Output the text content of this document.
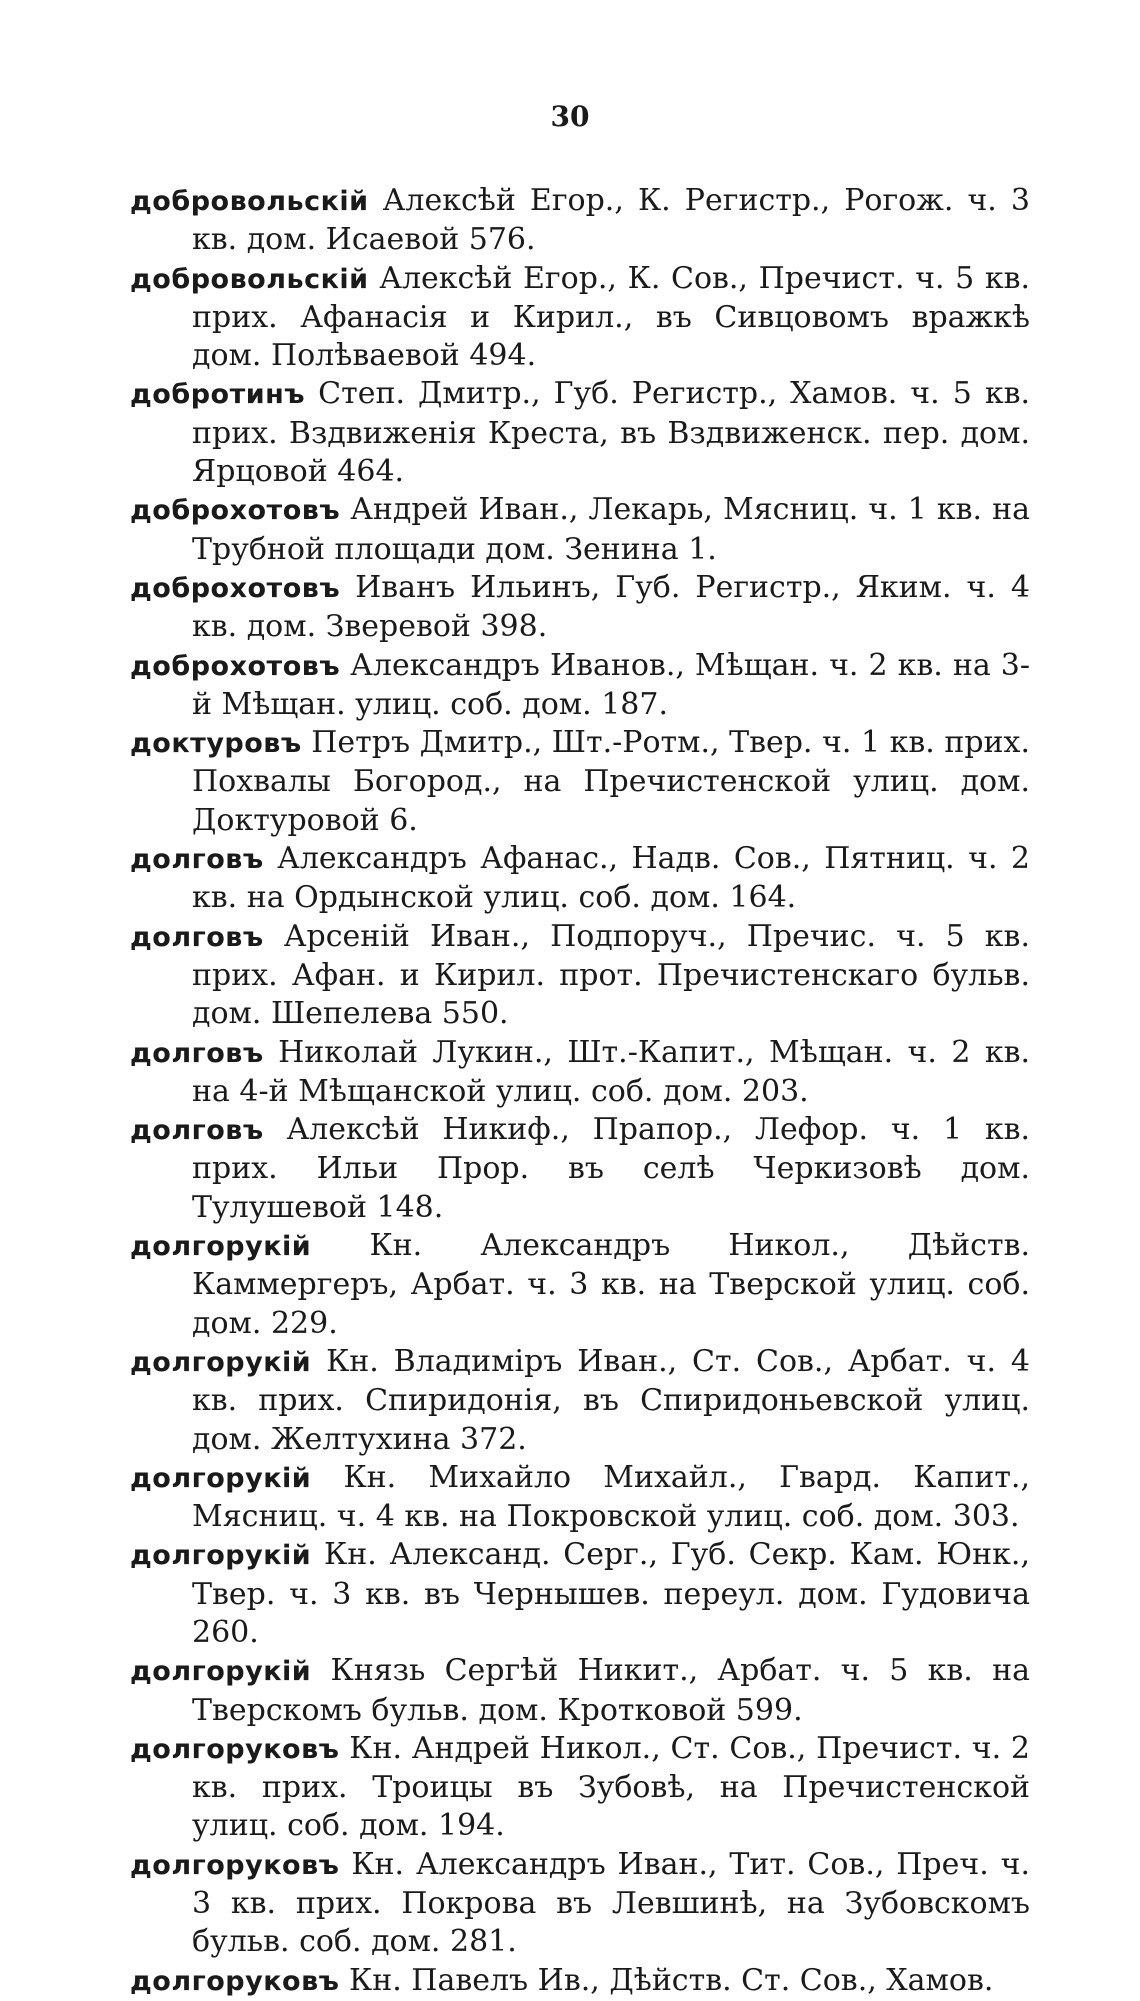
30

добровольскій Алексѣй Егор., К. Регистр., Рогож. ч. 3 кв. дом. Исаевой 576.

добровольскій Алексѣй Егор., К. Сов., Пречист. ч. 5 кв. прих. Афанасія и Кирил., въ Сивцовомъ вражкѣ дом. Полѣваевой 494.

добротинъ Степ. Дмитр., Губ. Регистр., Хамов. ч. 5 кв. прих. Вздвиженія Креста, въ Вздвиженск. пер. дом. Ярцовой 464.

доброхотовъ Андрей Иван., Лекарь, Мясниц. ч. 1 кв. на Трубной площади дом. Зенина 1.

доброхотовъ Иванъ Ильинъ, Губ. Регистр., Яким. ч. 4 кв. дом. Зверевой 398.

доброхотовъ Александръ Иванов., Мѣщан. ч. 2 кв. на 3-й Мѣщан. улиц. соб. дом. 187.

доктуровъ Петръ Дмитр., Шт.-Ротм., Твер. ч. 1 кв. прих. Похвалы Богород., на Пречистенской улиц. дом. Доктуровой 6.

долговъ Александръ Афанас., Надв. Сов., Пятниц. ч. 2 кв. на Ордынской улиц. соб. дом. 164.

долговъ Арсеній Иван., Подпоруч., Пречис. ч. 5 кв. прих. Афан. и Кирил. прот. Пречистенскаго бульв. дом. Шепелева 550.

долговъ Николай Лукин., Шт.-Капит., Мѣщан. ч. 2 кв. на 4-й Мѣщанской улиц. соб. дом. 203.

долговъ Алексѣй Никиф., Прапор., Лефор. ч. 1 кв. прих. Ильи Прор. въ селѣ Черкизовѣ дом. Тулушевой 148.

долгорукій Кн. Александръ Никол., Дѣйств. Каммергеръ, Арбат. ч. 3 кв. на Тверской улиц. соб. дом. 229.

долгорукій Кн. Владиміръ Иван., Ст. Сов., Арбат. ч. 4 кв. прих. Спиридонія, въ Спиридоньевской улиц. дом. Желтухина 372.

долгорукій Кн. Михайло Михайл., Гвард. Капит., Мясниц. ч. 4 кв. на Покровской улиц. соб. дом. 303.

долгорукій Кн. Александ. Серг., Губ. Секр. Кам. Юнк., Твер. ч. 3 кв. въ Чернышев. переул. дом. Гудовича 260.

долгорукій Князь Сергѣй Никит., Арбат. ч. 5 кв. на Тверскомъ бульв. дом. Кротковой 599.

долгоруковъ Кн. Андрей Никол., Ст. Сов., Пречист. ч. 2 кв. прих. Троицы въ Зубовѣ, на Пречистенской улиц. соб. дом. 194.

долгоруковъ Кн. Александръ Иван., Тит. Сов., Преч. ч. 3 кв. прих. Покрова въ Левшинѣ, на Зубовскомъ бульв. соб. дом. 281.

долгоруковъ Кн. Павелъ Ив., Дѣйств. Ст. Сов., Хамов.
